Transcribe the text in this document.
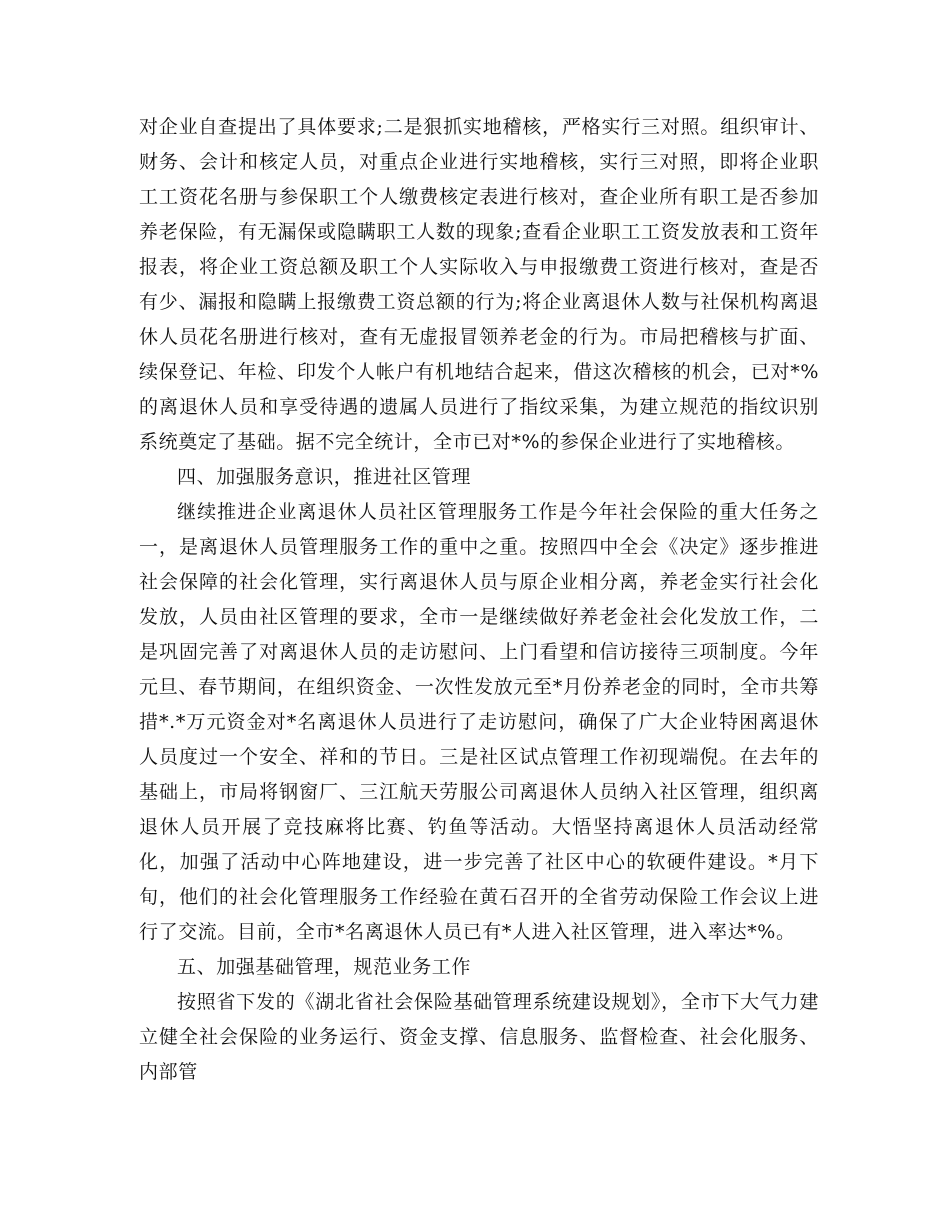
对企业自查提出了具体要求;二是狠抓实地稽核，严格实行三对照。组织审计、财务、会计和核定人员，对重点企业进行实地稽核，实行三对照，即将企业职工工资花名册与参保职工个人缴费核定表进行核对，查企业所有职工是否参加养老保险，有无漏保或隐瞒职工人数的现象;查看企业职工工资发放表和工资年报表，将企业工资总额及职工个人实际收入与申报缴费工资进行核对，查是否有少、漏报和隐瞒上报缴费工资总额的行为;将企业离退休人数与社保机构离退休人员花名册进行核对，查有无虚报冒领养老金的行为。市局把稽核与扩面、续保登记、年检、印发个人帐户有机地结合起来，借这次稽核的机会，已对*%的离退休人员和享受待遇的遗属人员进行了指纹采集，为建立规范的指纹识别系统奠定了基础。据不完全统计，全市已对*%的参保企业进行了实地稽核。

四、加强服务意识，推进社区管理

继续推进企业离退休人员社区管理服务工作是今年社会保险的重大任务之一，是离退休人员管理服务工作的重中之重。按照四中全会《决定》逐步推进社会保障的社会化管理，实行离退休人员与原企业相分离，养老金实行社会化发放，人员由社区管理的要求，全市一是继续做好养老金社会化发放工作，二是巩固完善了对离退休人员的走访慰问、上门看望和信访接待三项制度。今年元旦、春节期间，在组织资金、一次性发放元至*月份养老金的同时，全市共筹措*.*万元资金对*名离退休人员进行了走访慰问，确保了广大企业特困离退休人员度过一个安全、祥和的节日。三是社区试点管理工作初现端倪。在去年的基础上，市局将钢窗厂、三江航天劳服公司离退休人员纳入社区管理，组织离退休人员开展了竞技麻将比赛、钓鱼等活动。大悟坚持离退休人员活动经常化，加强了活动中心阵地建设，进一步完善了社区中心的软硬件建设。*月下旬，他们的社会化管理服务工作经验在黄石召开的全省劳动保险工作会议上进行了交流。目前，全市*名离退休人员已有*人进入社区管理，进入率达*%。

五、加强基础管理，规范业务工作

按照省下发的《湖北省社会保险基础管理系统建设规划》，全市下大气力建立健全社会保险的业务运行、资金支撑、信息服务、监督检查、社会化服务、内部管
